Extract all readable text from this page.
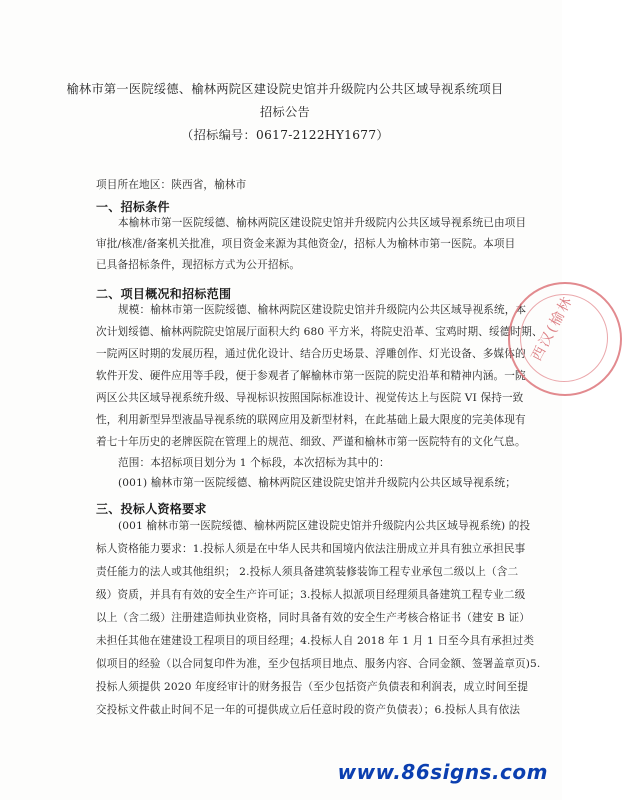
榆林市第一医院绥德、榆林两院区建设院史馆并升级院内公共区域导视系统项目
招标公告
（招标编号：0617-2122HY1677）
项目所在地区：陕西省，榆林市
一、招标条件
本榆林市第一医院绥德、榆林两院区建设院史馆并升级院内公共区域导视系统已由项目
审批/核准/备案机关批准，项目资金来源为其他资金/，招标人为榆林市第一医院。本项目
已具备招标条件，现招标方式为公开招标。
二、项目概况和招标范围
规模：榆林市第一医院绥德、榆林两院区建设院史馆并升级院内公共区域导视系统，本
次计划绥德、榆林两院院史馆展厅面积大约 680 平方米，将院史沿革、宝鸡时期、绥德时期、
一院两区时期的发展历程，通过优化设计、结合历史场景、浮雕创作、灯光设备、多媒体的
软件开发、硬件应用等手段，便于参观者了解榆林市第一医院的院史沿革和精神内涵。一院
两区公共区域导视系统升级、导视标识按照国际标准设计、视觉传达上与医院 VI 保持一致
性，利用新型异型液晶导视系统的联网应用及新型材料，在此基础上最大限度的完美体现有
着七十年历史的老牌医院在管理上的规范、细致、严谨和榆林市第一医院特有的文化气息。
范围：本招标项目划分为 1 个标段，本次招标为其中的：
(001) 榆林市第一医院绥德、榆林两院区建设院史馆并升级院内公共区域导视系统；
三、投标人资格要求
(001 榆林市第一医院绥德、榆林两院区建设院史馆并升级院内公共区域导视系统) 的投
标人资格能力要求：1.投标人须是在中华人民共和国境内依法注册成立并具有独立承担民事
责任能力的法人或其他组织； 2.投标人须具备建筑装修装饰工程专业承包二级以上（含二
级）资质，并具有有效的安全生产许可证；3.投标人拟派项目经理须具备建筑工程专业二级
以上（含二级）注册建造师执业资格，同时具备有效的安全生产考核合格证书（建安 B 证）
未担任其他在建建设工程项目的项目经理；4.投标人自 2018 年 1 月 1 日至今具有承担过类
似项目的经验（以合同复印件为准，至少包括项目地点、服务内容、合同金额、签署盖章页)5.
投标人须提供 2020 年度经审计的财务报告（至少包括资产负债表和利润表，成立时间至提
交投标文件截止时间不足一年的可提供成立后任意时段的资产负债表）；6.投标人具有依法
西汉(榆林
www.86signs.com
